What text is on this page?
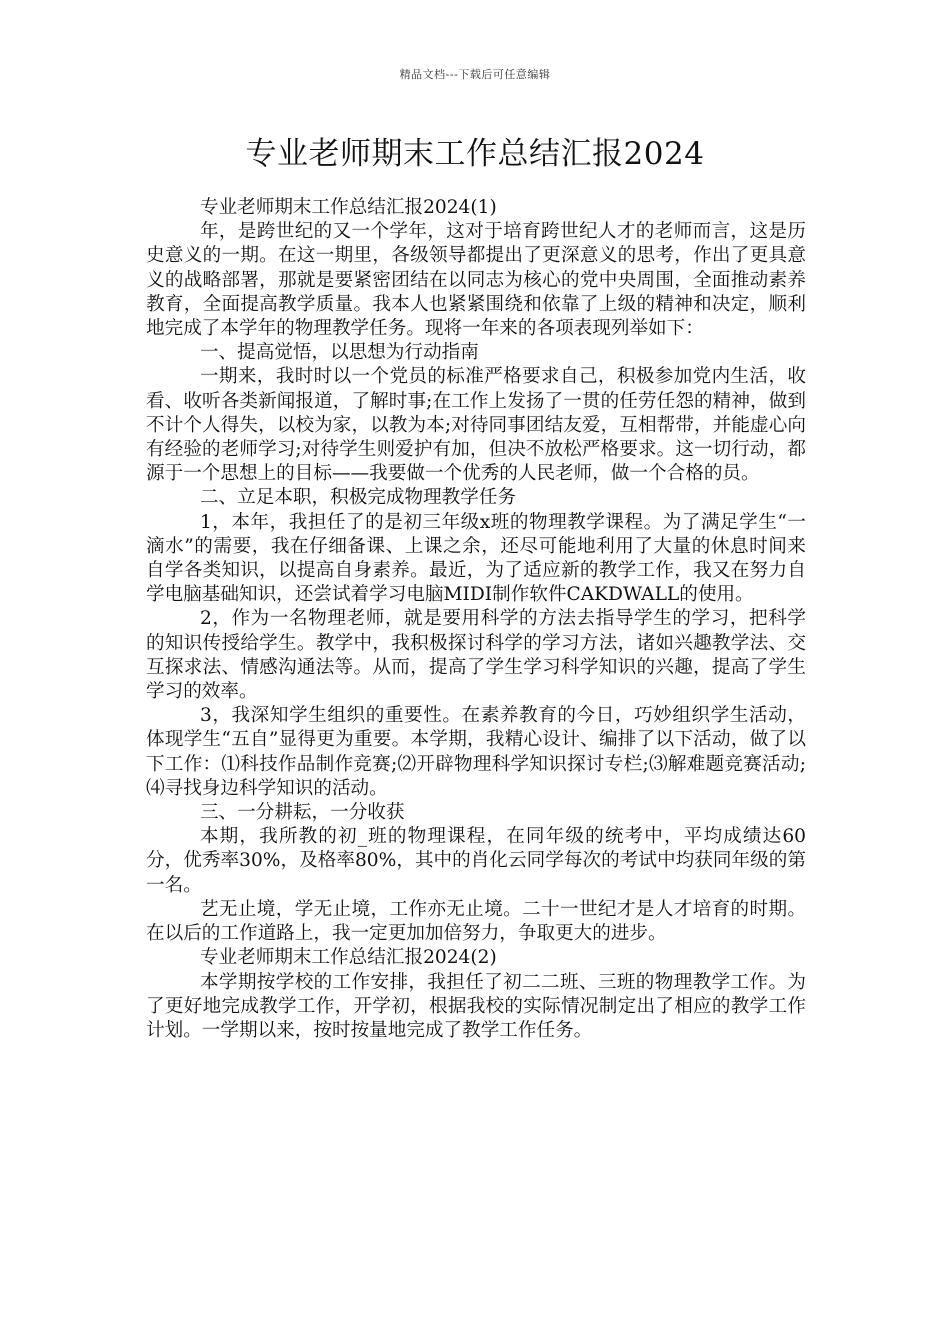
精品文档---下载后可任意编辑
专业老师期末工作总结汇报2024

专业老师期末工作总结汇报2024(1)

年，是跨世纪的又一个学年，这对于培育跨世纪人才的老师而言，这是历史意义的一期。在这一期里，各级领导都提出了更深意义的思考，作出了更具意义的战略部署，那就是要紧密团结在以同志为核心的党中央周围，全面推动素养教育，全面提高教学质量。我本人也紧紧围绕和依靠了上级的精神和决定，顺利地完成了本学年的物理教学任务。现将一年来的各项表现列举如下：

一、提高觉悟，以思想为行动指南

一期来，我时时以一个党员的标准严格要求自己，积极参加党内生活，收看、收听各类新闻报道，了解时事;在工作上发扬了一贯的任劳任怨的精神，做到不计个人得失，以校为家，以教为本;对待同事团结友爱，互相帮带，并能虚心向有经验的老师学习;对待学生则爱护有加，但决不放松严格要求。这一切行动，都源于一个思想上的目标——我要做一个优秀的人民老师，做一个合格的员。

二、立足本职，积极完成物理教学任务

1，本年，我担任了的是初三年级x班的物理教学课程。为了满足学生“一滴水”的需要，我在仔细备课、上课之余，还尽可能地利用了大量的休息时间来自学各类知识，以提高自身素养。最近，为了适应新的教学工作，我又在努力自学电脑基础知识，还尝试着学习电脑MIDI制作软件CAKDWALL的使用。

2，作为一名物理老师，就是要用科学的方法去指导学生的学习，把科学的知识传授给学生。教学中，我积极探讨科学的学习方法，诸如兴趣教学法、交互探求法、情感沟通法等。从而，提高了学生学习科学知识的兴趣，提高了学生学习的效率。

3，我深知学生组织的重要性。在素养教育的今日，巧妙组织学生活动，体现学生“五自”显得更为重要。本学期，我精心设计、编排了以下活动，做了以下工作：⑴科技作品制作竞赛;⑵开辟物理科学知识探讨专栏;⑶解难题竞赛活动;⑷寻找身边科学知识的活动。

三、一分耕耘，一分收获

本期，我所教的初_班的物理课程，在同年级的统考中，平均成绩达60分，优秀率30%，及格率80%，其中的肖化云同学每次的考试中均获同年级的第一名。

艺无止境，学无止境，工作亦无止境。二十一世纪才是人才培育的时期。在以后的工作道路上，我一定更加加倍努力，争取更大的进步。

专业老师期末工作总结汇报2024(2)

本学期按学校的工作安排，我担任了初二二班、三班的物理教学工作。为了更好地完成教学工作，开学初，根据我校的实际情况制定出了相应的教学工作计划。一学期以来，按时按量地完成了教学工作任务。
